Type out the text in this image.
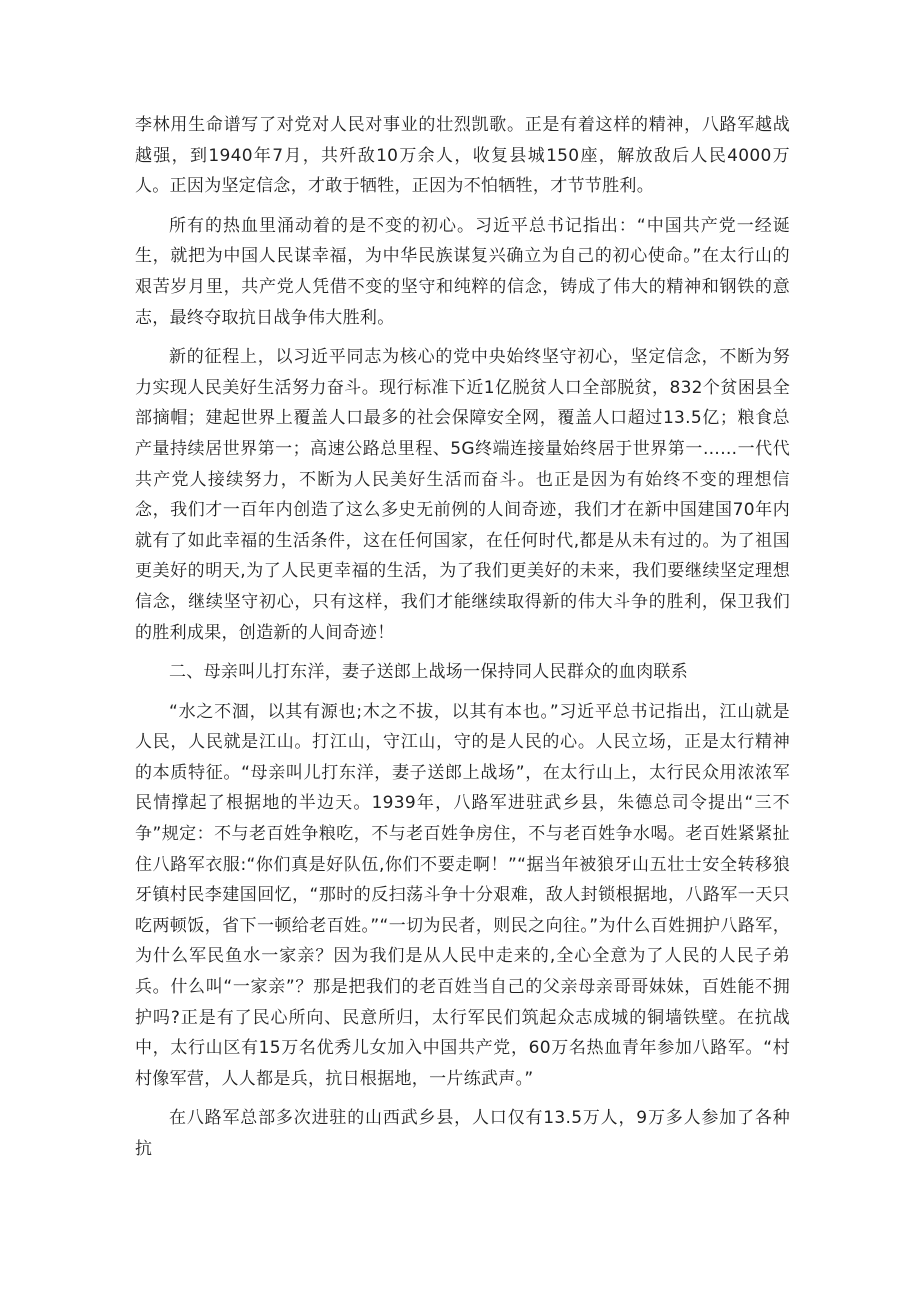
李林用生命谱写了对党对人民对事业的壮烈凯歌。正是有着这样的精神，八路军越战越强，到1940年7月，共歼敌10万余人，收复县城150座，解放敌后人民4000万人。正因为坚定信念，才敢于牺牲，正因为不怕牺牲，才节节胜利。

所有的热血里涌动着的是不变的初心。习近平总书记指出：“中国共产党一经诞生，就把为中国人民谋幸福，为中华民族谋复兴确立为自己的初心使命。”在太行山的艰苦岁月里，共产党人凭借不变的坚守和纯粹的信念，铸成了伟大的精神和钢铁的意志，最终夺取抗日战争伟大胜利。

新的征程上，以习近平同志为核心的党中央始终坚守初心，坚定信念，不断为努力实现人民美好生活努力奋斗。现行标准下近1亿脱贫人口全部脱贫，832个贫困县全部摘帽；建起世界上覆盖人口最多的社会保障安全网，覆盖人口超过13.5亿；粮食总产量持续居世界第一；高速公路总里程、5G终端连接量始终居于世界第一……一代代共产党人接续努力，不断为人民美好生活而奋斗。也正是因为有始终不变的理想信念，我们才一百年内创造了这么多史无前例的人间奇迹，我们才在新中国建国70年内就有了如此幸福的生活条件，这在任何国家，在任何时代,都是从未有过的。为了祖国更美好的明天,为了人民更幸福的生活，为了我们更美好的未来，我们要继续坚定理想信念，继续坚守初心，只有这样，我们才能继续取得新的伟大斗争的胜利，保卫我们的胜利成果，创造新的人间奇迹！

二、母亲叫儿打东洋，妻子送郎上战场一保持同人民群众的血肉联系

“水之不涸，以其有源也;木之不拔，以其有本也。”习近平总书记指出，江山就是人民，人民就是江山。打江山，守江山，守的是人民的心。人民立场，正是太行精神的本质特征。“母亲叫儿打东洋，妻子送郎上战场”，在太行山上，太行民众用浓浓军民情撑起了根据地的半边天。1939年，八路军进驻武乡县，朱德总司令提出“三不争”规定：不与老百姓争粮吃，不与老百姓争房住，不与老百姓争水喝。老百姓紧紧扯住八路军衣服:“你们真是好队伍,你们不要走啊！”“据当年被狼牙山五壮士安全转移狼牙镇村民李建国回忆，“那时的反扫荡斗争十分艰难，敌人封锁根据地，八路军一天只吃两顿饭，省下一顿给老百姓。”“一切为民者，则民之向往。”为什么百姓拥护八路军，为什么军民鱼水一家亲？因为我们是从人民中走来的,全心全意为了人民的人民子弟兵。什么叫“一家亲”？那是把我们的老百姓当自己的父亲母亲哥哥妹妹，百姓能不拥护吗?正是有了民心所向、民意所归，太行军民们筑起众志成城的铜墙铁壁。在抗战中，太行山区有15万名优秀儿女加入中国共产党，60万名热血青年参加八路军。“村村像军营，人人都是兵，抗日根据地，一片练武声。”

在八路军总部多次进驻的山西武乡县，人口仅有13.5万人，9万多人参加了各种抗
